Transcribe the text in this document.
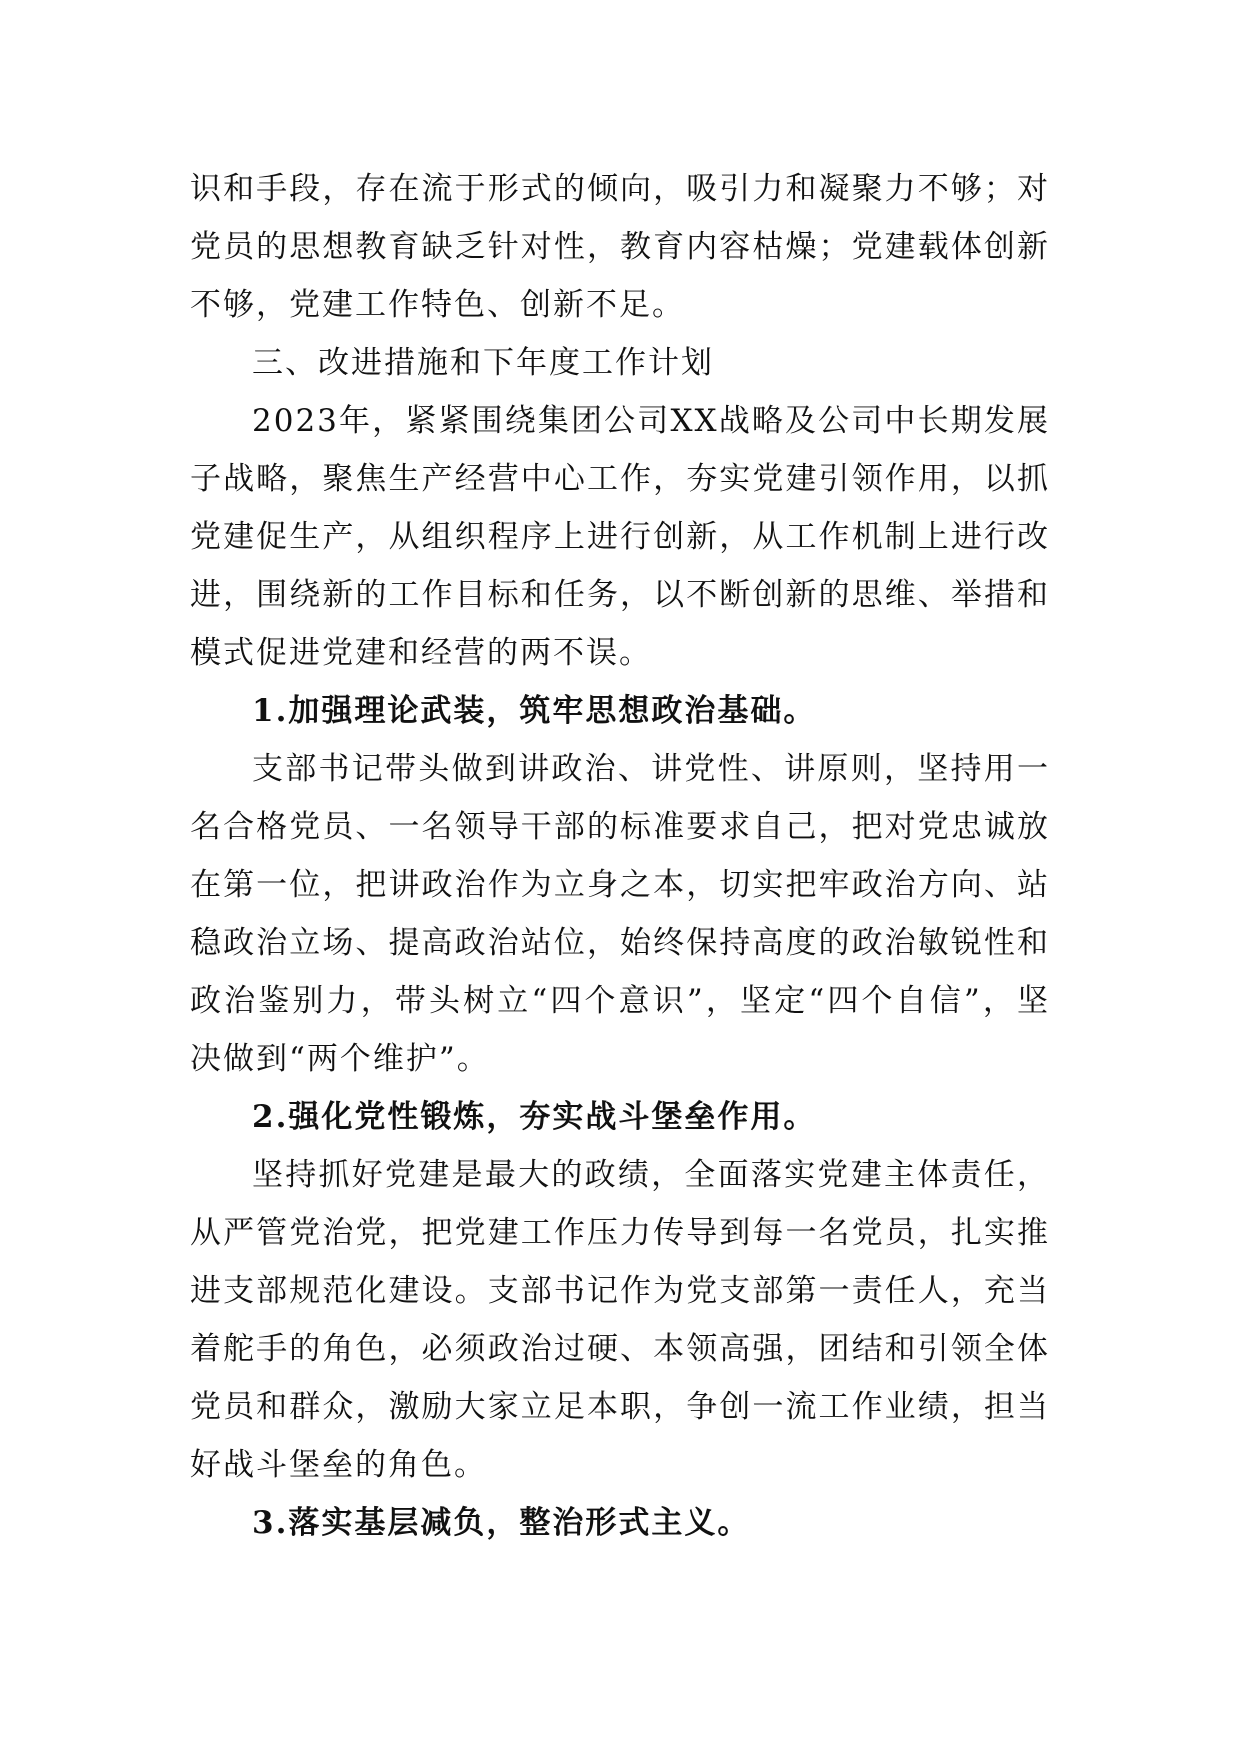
识和手段，存在流于形式的倾向，吸引力和凝聚力不够；对党员的思想教育缺乏针对性，教育内容枯燥；党建载体创新不够，党建工作特色、创新不足。

三、改进措施和下年度工作计划

2023年，紧紧围绕集团公司XX战略及公司中长期发展子战略，聚焦生产经营中心工作，夯实党建引领作用，以抓党建促生产，从组织程序上进行创新，从工作机制上进行改进，围绕新的工作目标和任务，以不断创新的思维、举措和模式促进党建和经营的两不误。

1.加强理论武装，筑牢思想政治基础。

支部书记带头做到讲政治、讲党性、讲原则，坚持用一名合格党员、一名领导干部的标准要求自己，把对党忠诚放在第一位，把讲政治作为立身之本，切实把牢政治方向、站稳政治立场、提高政治站位，始终保持高度的政治敏锐性和政治鉴别力，带头树立“四个意识”，坚定“四个自信”，坚决做到“两个维护”。

2.强化党性锻炼，夯实战斗堡垒作用。

坚持抓好党建是最大的政绩，全面落实党建主体责任，从严管党治党，把党建工作压力传导到每一名党员，扎实推进支部规范化建设。支部书记作为党支部第一责任人，充当着舵手的角色，必须政治过硬、本领高强，团结和引领全体党员和群众，激励大家立足本职，争创一流工作业绩，担当好战斗堡垒的角色。

3.落实基层减负，整治形式主义。
